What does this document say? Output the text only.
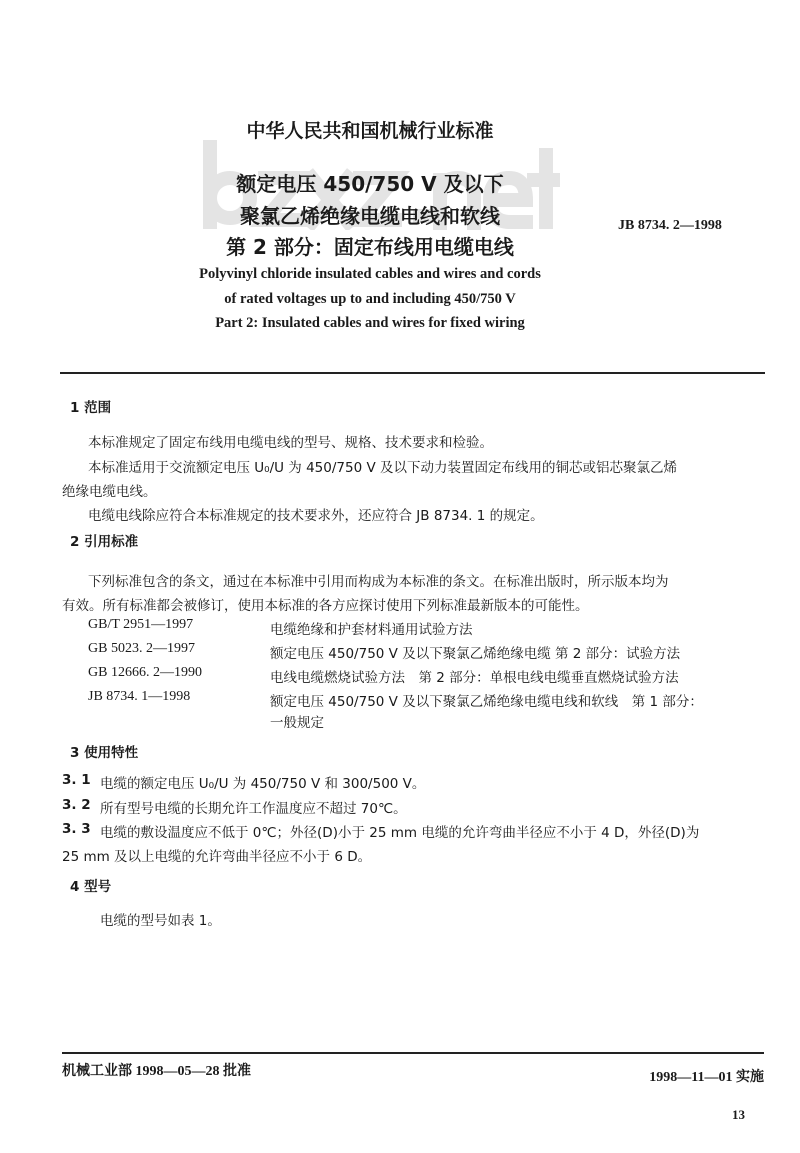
中华人民共和国机械行业标准
额定电压 450/750 V 及以下
聚氯乙烯绝缘电缆电线和软线
第 2 部分：固定布线用电缆电线
JB 8734. 2—1998
Polyvinyl chloride insulated cables and wires and cords
of rated voltages up to and including 450/750 V
Part 2: Insulated cables and wires for fixed wiring
1 范围
本标准规定了固定布线用电缆电线的型号、规格、技术要求和检验。
本标准适用于交流额定电压 U₀/U 为 450/750 V 及以下动力装置固定布线用的铜芯或铝芯聚氯乙烯
绝缘电缆电线。
电缆电线除应符合本标准规定的技术要求外，还应符合 JB 8734. 1 的规定。
2 引用标准
下列标准包含的条文，通过在本标准中引用而构成为本标准的条文。在标准出版时，所示版本均为
有效。所有标准都会被修订，使用本标准的各方应探讨使用下列标准最新版本的可能性。
GB/T 2951—1997	电缆绝缘和护套材料通用试验方法
GB 5023. 2—1997	额定电压 450/750 V 及以下聚氯乙烯绝缘电缆 第 2 部分：试验方法
GB 12666. 2—1990	电线电缆燃烧试验方法　第 2 部分：单根电线电缆垂直燃烧试验方法
JB 8734. 1—1998	额定电压 450/750 V 及以下聚氯乙烯绝缘电缆电线和软线　第 1 部分：
一般规定
3 使用特性
3. 1 电缆的额定电压 U₀/U 为 450/750 V 和 300/500 V。
3. 2 所有型号电缆的长期允许工作温度应不超过 70℃。
3. 3 电缆的敷设温度应不低于 0℃；外径(D)小于 25 mm 电缆的允许弯曲半径应不小于 4 D，外径(D)为
25 mm 及以上电缆的允许弯曲半径应不小于 6 D。
4 型号
电缆的型号如表 1。
机械工业部 1998—05—28 批准	1998—11—01 实施
13
